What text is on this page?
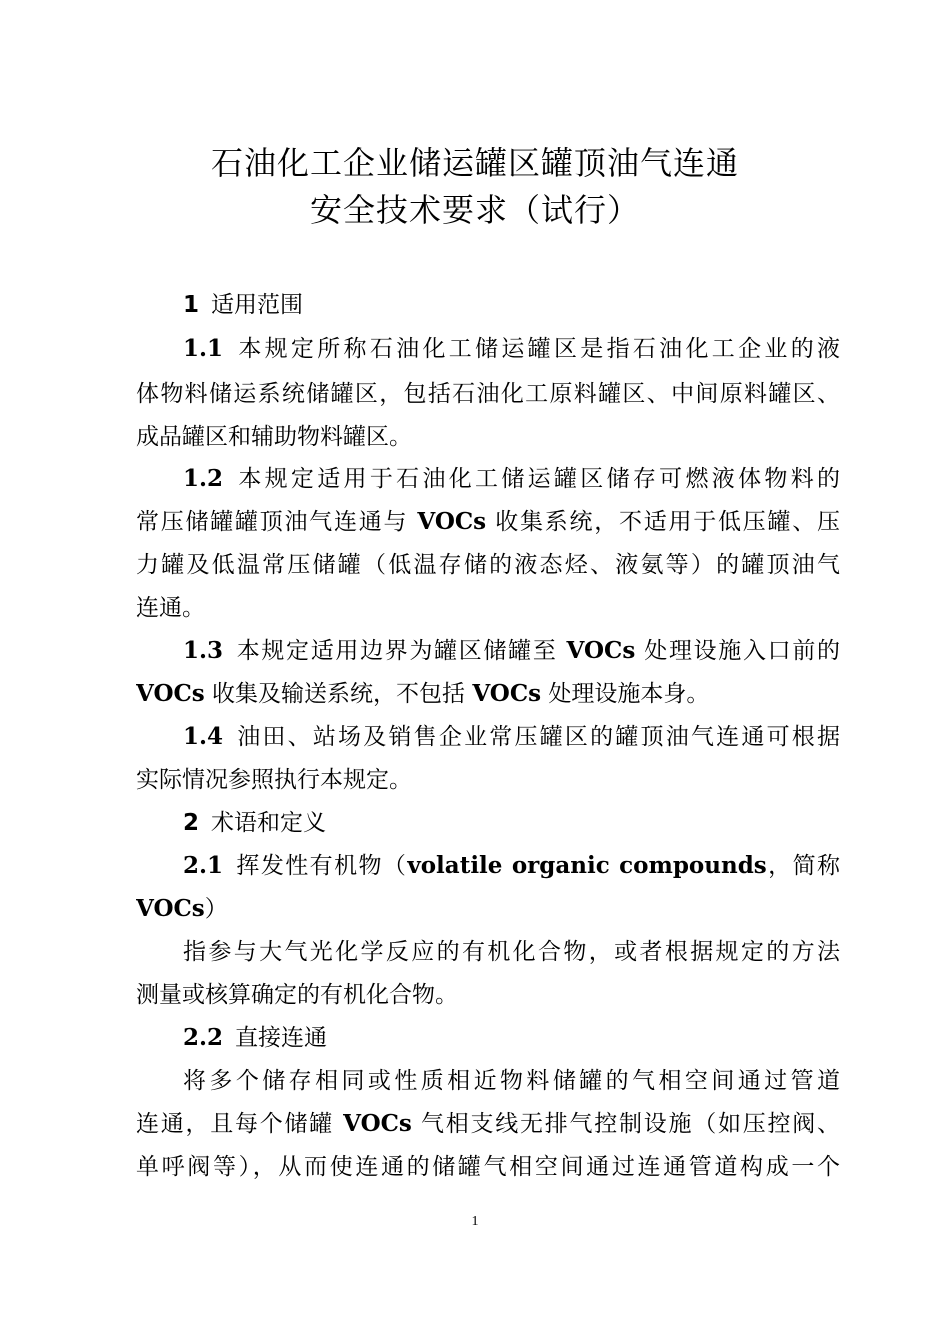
石油化工企业储运罐区罐顶油气连通
安全技术要求（试行）
1 适用范围
1.1 本规定所称石油化工储运罐区是指石油化工企业的液
体物料储运系统储罐区，包括石油化工原料罐区、中间原料罐区、
成品罐区和辅助物料罐区。
1.2 本规定适用于石油化工储运罐区储存可燃液体物料的
常压储罐罐顶油气连通与 VOCs 收集系统，不适用于低压罐、压
力罐及低温常压储罐（低温存储的液态烃、液氨等）的罐顶油气
连通。
1.3 本规定适用边界为罐区储罐至 VOCs 处理设施入口前的
VOCs 收集及输送系统，不包括 VOCs 处理设施本身。
1.4 油田、站场及销售企业常压罐区的罐顶油气连通可根据
实际情况参照执行本规定。
2 术语和定义
2.1 挥发性有机物（volatile organic compounds，简称
VOCs）
指参与大气光化学反应的有机化合物，或者根据规定的方法
测量或核算确定的有机化合物。
2.2 直接连通
将多个储存相同或性质相近物料储罐的气相空间通过管道
连通，且每个储罐 VOCs 气相支线无排气控制设施（如压控阀、
单呼阀等），从而使连通的储罐气相空间通过连通管道构成一个
1
